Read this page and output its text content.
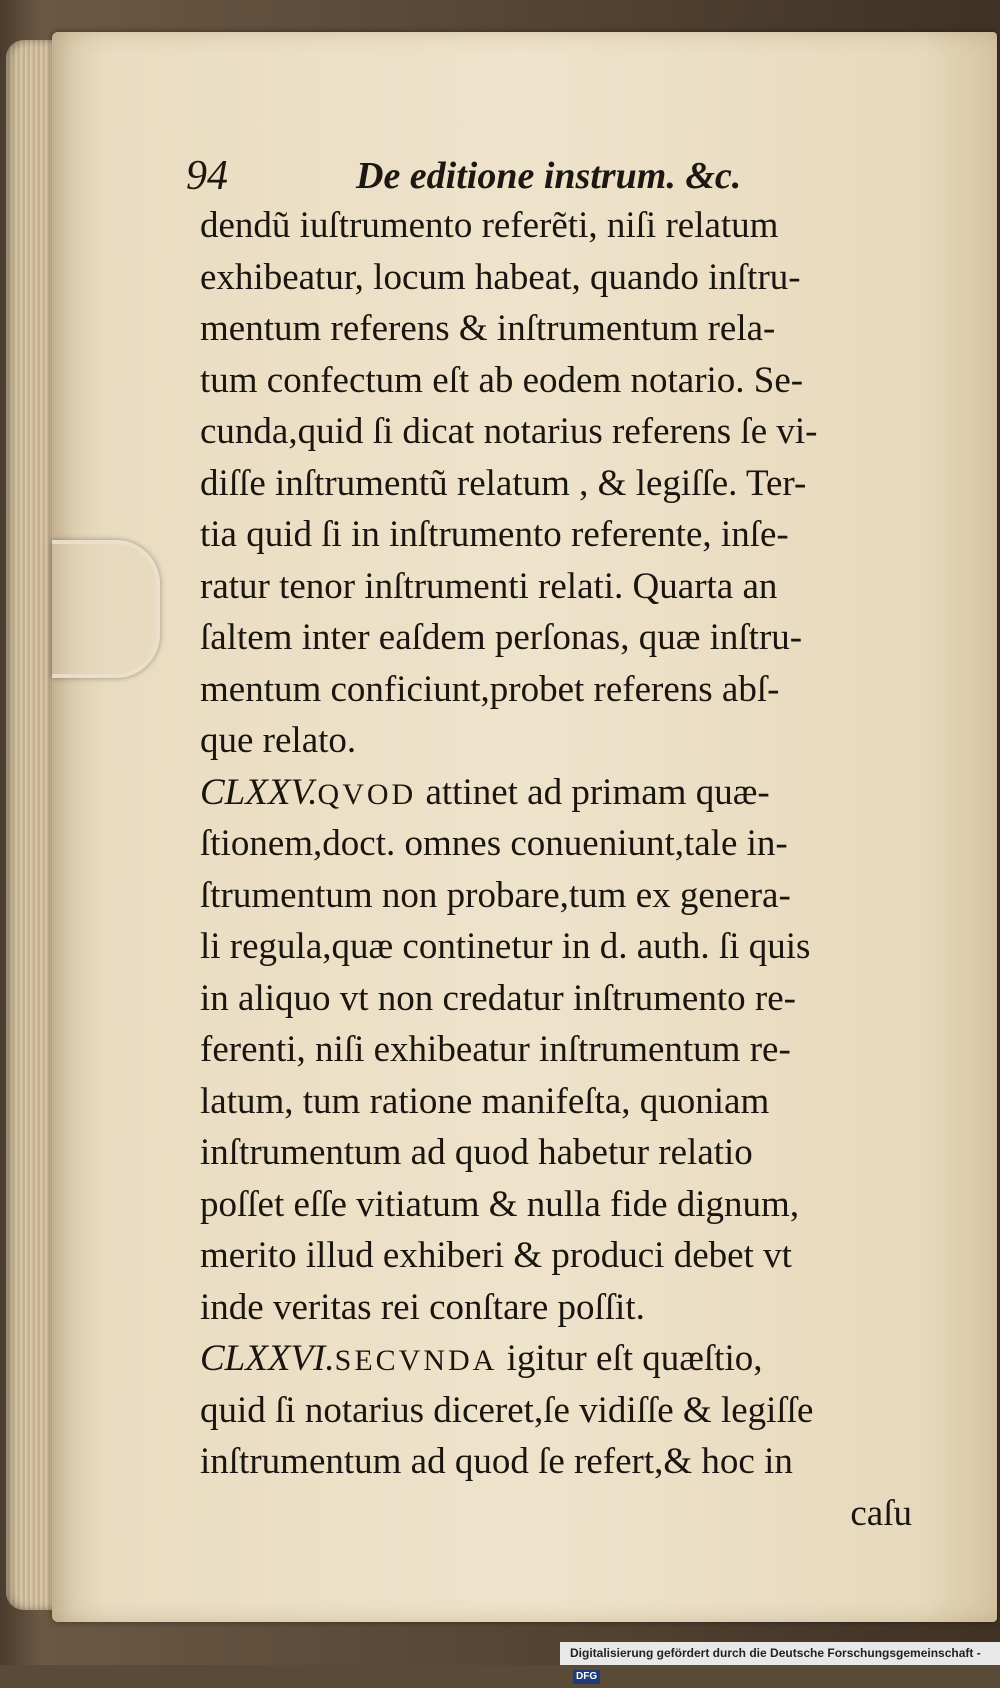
94	De editione instrum. &c.
dendũ iuſtrumento referẽti, niſi relatum
exhibeatur, locum habeat, quando inſtru-
mentum referens & inſtrumentum rela-
tum confectum eſt ab eodem notario. Se-
cunda,quid ſi dicat notarius referens ſe vi-
diſſe inſtrumentũ relatum , & legiſſe. Ter-
tia quid ſi in inſtrumento referente, inſe-
ratur tenor inſtrumenti relati. Quarta an
ſaltem inter eaſdem perſonas, quæ inſtru-
mentum conficiunt,probet referens abſ-
que relato.
CLXXV.QVOD attinet ad primam quæ-
ſtionem,doct. omnes conueniunt,tale in-
ſtrumentum non probare,tum ex genera-
li regula,quæ continetur in d. auth. ſi quis
in aliquo vt non credatur inſtrumento re-
ferenti, niſi exhibeatur inſtrumentum re-
latum, tum ratione manifeſta, quoniam
inſtrumentum ad quod habetur relatio
poſſet eſſe vitiatum & nulla fide dignum,
merito illud exhiberi & produci debet vt
inde veritas rei conſtare poſſit.
CLXXVI.SECVNDA igitur eſt quæſtio,
quid ſi notarius diceret,ſe vidiſſe & legiſſe
inſtrumentum ad quod ſe refert,& hoc in
caſu
Digitalisierung gefördert durch die Deutsche Forschungsgemeinschaft - DFG
